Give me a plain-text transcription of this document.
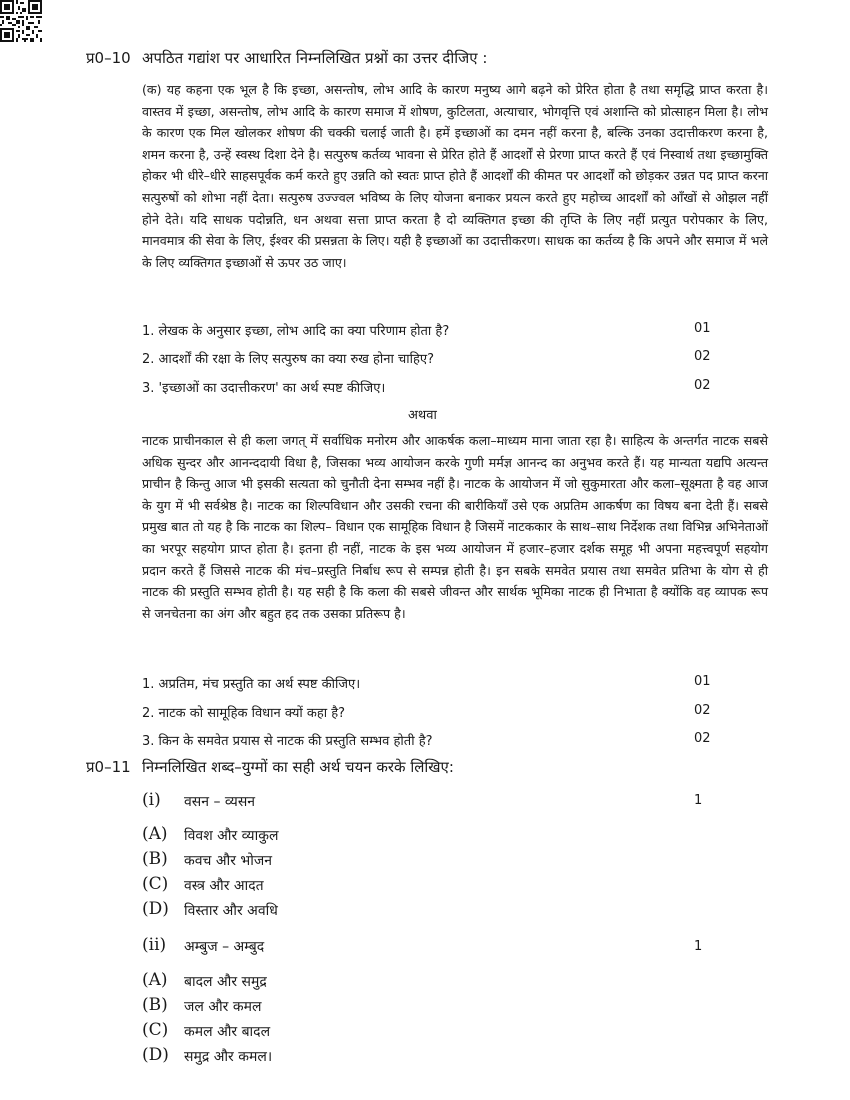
प्र0–10 अपठित गद्यांश पर आधारित निम्नलिखित प्रश्नों का उत्तर दीजिए :

(क) यह कहना एक भूल है कि इच्छा, असन्तोष, लोभ आदि के कारण मनुष्य आगे बढ़ने को प्रेरित होता है तथा समृद्धि प्राप्त करता है। वास्तव में इच्छा, असन्तोष, लोभ आदि के कारण समाज में शोषण, कुटिलता, अत्याचार, भोगवृत्ति एवं अशान्ति को प्रोत्साहन मिला है। लोभ के कारण एक मिल खोलकर शोषण की चक्की चलाई जाती है। हमें इच्छाओं का दमन नहीं करना है, बल्कि उनका उदात्तीकरण करना है, शमन करना है, उन्हें स्वस्थ दिशा देने है। सत्पुरुष कर्तव्य भावना से प्रेरित होते हैं आदर्शों से प्रेरणा प्राप्त करते हैं एवं निस्वार्थ तथा इच्छामुक्ति होकर भी धीरे–धीरे साहसपूर्वक कर्म करते हुए उन्नति को स्वतः प्राप्त होते हैं आदर्शों की कीमत पर आदर्शों को छोड़कर उन्नत पद प्राप्त करना सत्पुरुषों को शोभा नहीं देता। सत्पुरुष उज्ज्वल भविष्य के लिए योजना बनाकर प्रयत्न करते हुए महोच्च आदर्शों को आँखों से ओझल नहीं होने देते। यदि साधक पदोन्नति, धन अथवा सत्ता प्राप्त करता है दो व्यक्तिगत इच्छा की तृप्ति के लिए नहीं प्रत्युत परोपकार के लिए, मानवमात्र की सेवा के लिए, ईश्वर की प्रसन्नता के लिए। यही है इच्छाओं का उदात्तीकरण। साधक का कर्तव्य है कि अपने और समाज में भले के लिए व्यक्तिगत इच्छाओं से ऊपर उठ जाए।

1. लेखक के अनुसार इच्छा, लोभ आदि का क्या परिणाम होता है?	01
2. आदर्शों की रक्षा के लिए सत्पुरुष का क्या रुख होना चाहिए?	02
3. 'इच्छाओं का उदात्तीकरण' का अर्थ स्पष्ट कीजिए।	02
अथवा

नाटक प्राचीनकाल से ही कला जगत् में सर्वाधिक मनोरम और आकर्षक कला–माध्यम माना जाता रहा है। साहित्य के अन्तर्गत नाटक सबसे अधिक सुन्दर और आनन्ददायी विधा है, जिसका भव्य आयोजन करके गुणी मर्मज्ञ आनन्द का अनुभव करते हैं। यह मान्यता यद्यपि अत्यन्त प्राचीन है किन्तु आज भी इसकी सत्यता को चुनौती देना सम्भव नहीं है। नाटक के आयोजन में जो सुकुमारता और कला–सूक्ष्मता है वह आज के युग में भी सर्वश्रेष्ठ है। नाटक का शिल्पविधान और उसकी रचना की बारीकियाँ उसे एक अप्रतिम आकर्षण का विषय बना देती हैं। सबसे प्रमुख बात तो यह है कि नाटक का शिल्प– विधान एक सामूहिक विधान है जिसमें नाटककार के साथ–साथ निर्देशक तथा विभिन्न अभिनेताओं का भरपूर सहयोग प्राप्त होता है। इतना ही नहीं, नाटक के इस भव्य आयोजन में हजार–हजार दर्शक समूह भी अपना महत्त्वपूर्ण सहयोग प्रदान करते हैं जिससे नाटक की मंच–प्रस्तुति निर्बाध रूप से सम्पन्न होती है। इन सबके समवेत प्रयास तथा समवेत प्रतिभा के योग से ही नाटक की प्रस्तुति सम्भव होती है। यह सही है कि कला की सबसे जीवन्त और सार्थक भूमिका नाटक ही निभाता है क्योंकि वह व्यापक रूप से जनचेतना का अंग और बहुत हद तक उसका प्रतिरूप है।

1. अप्रतिम, मंच प्रस्तुति का अर्थ स्पष्ट कीजिए।	01
2. नाटक को सामूहिक विधान क्यों कहा है?	02
3. किन के समवेत प्रयास से नाटक की प्रस्तुति सम्भव होती है?	02
प्र0–11 निम्नलिखित शब्द–युग्मों का सही अर्थ चयन करके लिखिए:
(i) वसन – व्यसन	1
(A) विवश और व्याकुल
(B) कवच और भोजन
(C) वस्त्र और आदत
(D) विस्तार और अवधि
(ii) अम्बुज – अम्बुद	1
(A) बादल और समुद्र
(B) जल और कमल
(C) कमल और बादल
(D) समुद्र और कमल।
